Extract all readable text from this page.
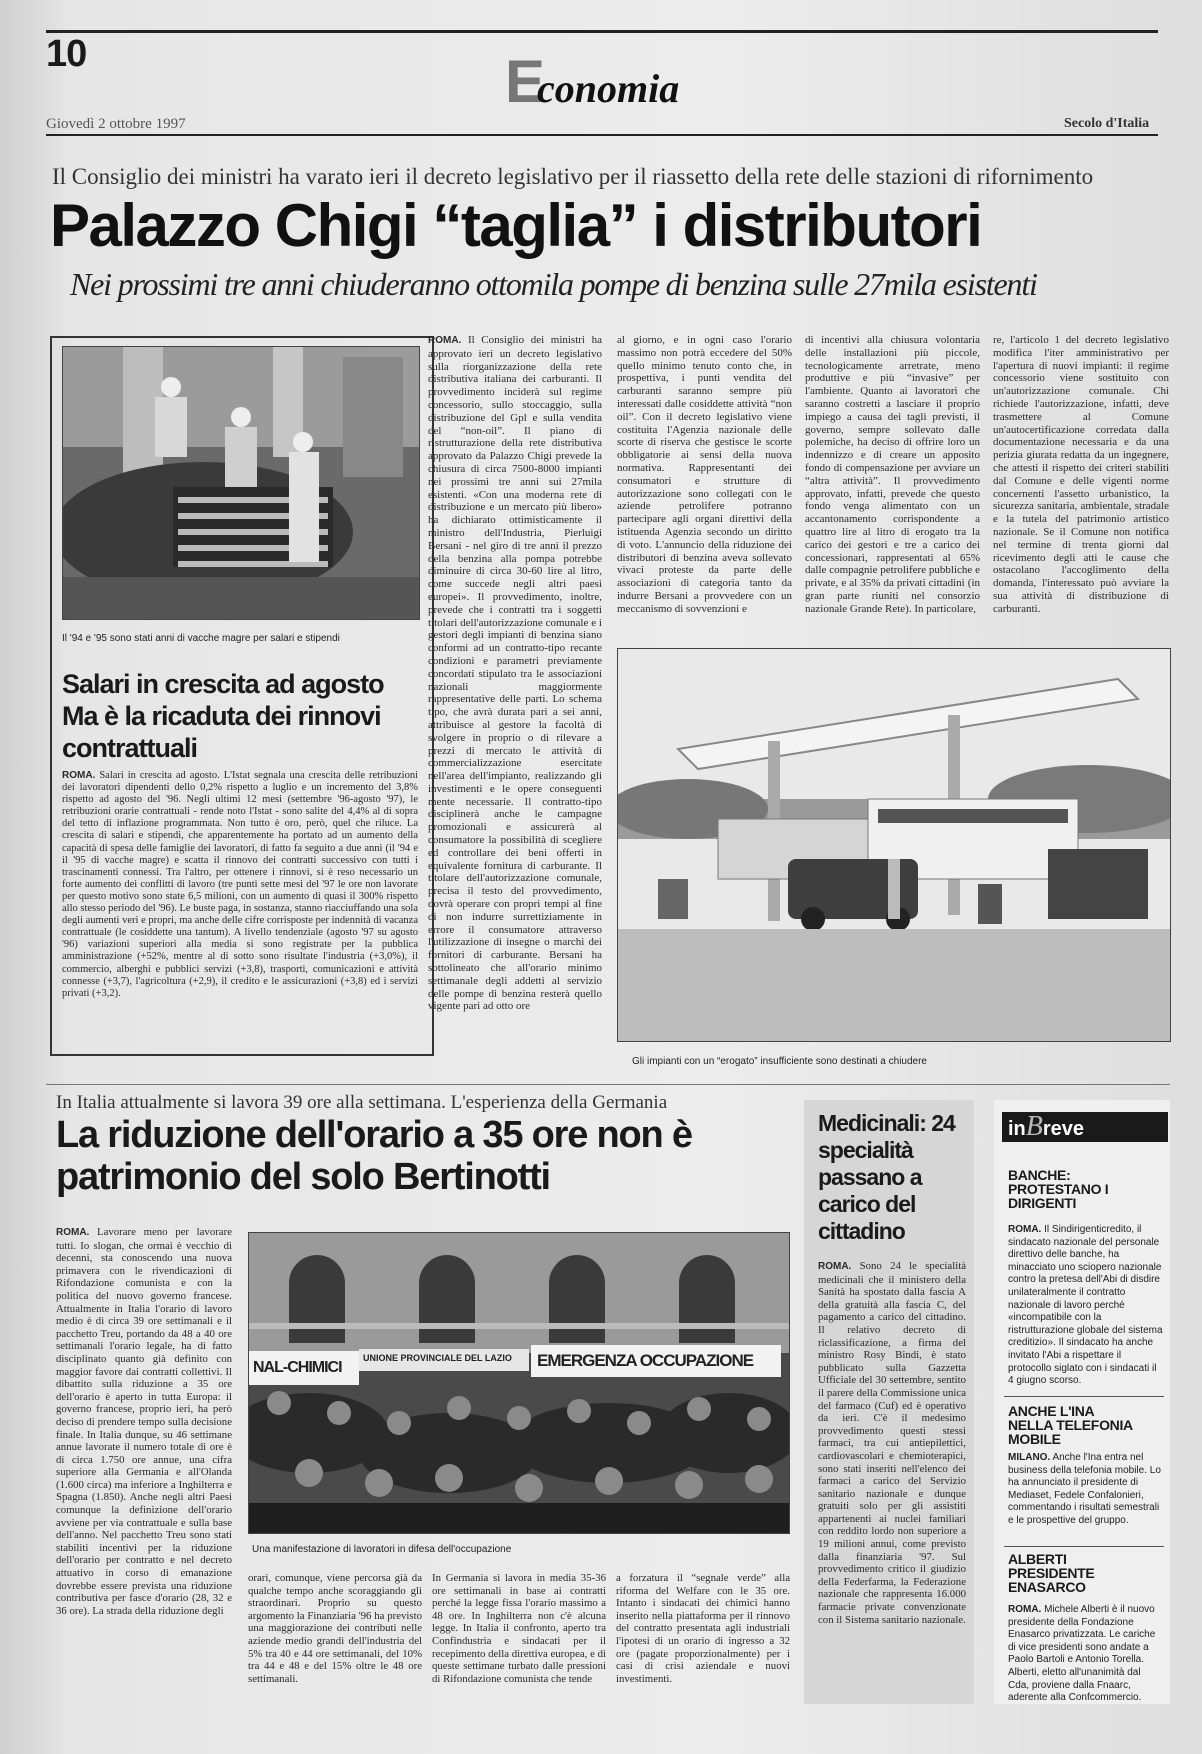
10	Economia
Giovedì 2 ottobre 1997	Secolo d'Italia
Il Consiglio dei ministri ha varato ieri il decreto legislativo per il riassetto della rete delle stazioni di rifornimento
Palazzo Chigi “taglia” i distributori
Nei prossimi tre anni chiuderanno ottomila pompe di benzina sulle 27mila esistenti
Il '94 e '95 sono stati anni di vacche magre per salari e stipendi
Salari in crescita ad agosto Ma è la ricaduta dei rinnovi contrattuali
ROMA. Salari in crescita ad agosto. L'Istat segnala una crescita delle retribuzioni dei lavoratori dipendenti dello 0,2% rispetto a luglio e un incremento del 3,8% rispetto ad agosto del '96. Negli ultimi 12 mesi (settembre '96-agosto '97), le retribuzioni orarie contrattuali - rende noto l'Istat - sono salite del 4,4% al di sopra del tetto di inflazione programmata. Non tutto è oro, però, quel che riluce. La crescita di salari e stipendi, che apparentemente ha portato ad un aumento della capacità di spesa delle famiglie dei lavoratori, di fatto fa seguito a due anni (il '94 e il '95 di vacche magre) e scatta il rinnovo dei contratti successivo con tutti i trascinamenti connessi. Tra l'altro, per ottenere i rinnovi, si è reso necessario un forte aumento dei conflitti di lavoro (tre punti sette mesi del '97 le ore non lavorate per questo motivo sono state 6,5 milioni, con un aumento di quasi il 300% rispetto allo stesso periodo del '96). Le buste paga, in sostanza, stanno riacciuffando una sola degli aumenti veri e propri, ma anche delle cifre corrisposte per indennità di vacanza contrattuale (le cosiddette una tantum). A livello tendenziale (agosto '97 su agosto '96) variazioni superiori alla media si sono registrate per la pubblica amministrazione (+52%, mentre al di sotto sono risultate l'industria (+3,0%), il commercio, alberghi e pubblici servizi (+3,8), trasporti, comunicazioni e attività connesse (+3,7), l'agricoltura (+2,9), il credito e le assicurazioni (+3,8) ed i servizi privati (+3,2).
ROMA. Il Consiglio dei ministri ha approvato ieri un decreto legislativo sulla riorganizzazione della rete distributiva italiana dei carburanti. Il provvedimento inciderà sul regime concessorio, sullo stoccaggio, sulla distribuzione del Gpl e sulla vendita del “non-oil”. Il piano di ristrutturazione della rete distributiva approvato da Palazzo Chigi prevede la chiusura di circa 7500-8000 impianti nei prossimi tre anni sui 27mila esistenti. «Con una moderna rete di distribuzione e un mercato più libero» ha dichiarato ottimisticamente il ministro dell'Industria, Pierluigi Bersani - nel giro di tre anni il prezzo della benzina alla pompa potrebbe diminuire di circa 30-60 lire al litro, come succede negli altri paesi europei». Il provvedimento, inoltre, prevede che i contratti tra i soggetti titolari dell'autorizzazione comunale e i gestori degli impianti di benzina siano conformi ad un contratto-tipo recante condizioni e parametri previamente concordati stipulato tra le associazioni nazionali maggiormente rappresentative delle parti. Lo schema tipo, che avrà durata pari a sei anni, attribuisce al gestore la facoltà di svolgere in proprio o di rilevare a prezzi di mercato le attività di commercializzazione esercitate nell'area dell'impianto, realizzando gli investimenti e le opere conseguenti mente necessarie. Il contratto-tipo disciplinerà anche le campagne promozionali e assicurerà al consumatore la possibilità di scegliere ed controllare dei beni offerti in equivalente fornitura di carburante. Il titolare dell'autorizzazione comunale, precisa il testo del provvedimento, dovrà operare con propri tempi al fine di non indurre surrettiziamente in errore il consumatore attraverso l'utilizzazione di insegne o marchi dei fornitori di carburante. Bersani ha sottolineato che all'orario minimo settimanale degli addetti al servizio delle pompe di benzina resterà quello vigente pari ad otto ore
al giorno, e in ogni caso l'orario massimo non potrà eccedere del 50% quello minimo tenuto conto che, in prospettiva, i punti vendita del carburanti saranno sempre più interessati dalle cosiddette attività “non oil”. Con il decreto legislativo viene costituita l'Agenzia nazionale delle scorte di riserva che gestisce le scorte obbligatorie ai sensi della nuova normativa. Rappresentanti dei consumatori e strutture di autorizzazione sono collegati con le aziende petrolifere potranno partecipare agli organi direttivi della istituenda Agenzia secondo un diritto di voto. L'annuncio della riduzione dei distributori di benzina aveva sollevato vivaci proteste da parte delle associazioni di categoria tanto da indurre Bersani a provvedere con un meccanismo di sovvenzioni e
di incentivi alla chiusura volontaria delle installazioni più piccole, tecnologicamente arretrate, meno produttive e più “invasive” per l'ambiente. Quanto ai lavoratori che saranno costretti a lasciare il proprio impiego a causa dei tagli previsti, il governo, sempre sollevato dalle polemiche, ha deciso di offrire loro un indennizzo e di creare un apposito fondo di compensazione per avviare un “altra attività”. Il provvedimento approvato, infatti, prevede che questo fondo venga alimentato con un accantonamento corrispondente a quattro lire al litro di erogato tra la carico dei gestori e tre a carico dei concessionari, rappresentati al 65% dalle compagnie petrolifere pubbliche e private, e al 35% da privati cittadini (in gran parte riuniti nel consorzio nazionale Grande Rete). In particolare,
re, l'articolo 1 del decreto legislativo modifica l'iter amministrativo per l'apertura di nuovi impianti: il regime concessorio viene sostituito con un'autorizzazione comunale. Chi richiede l'autorizzazione, infatti, deve trasmettere al Comune un'autocertificazione corredata dalla documentazione necessaria e da una perizia giurata redatta da un ingegnere, che attesti il rispetto dei criteri stabiliti dal Comune e delle vigenti norme concernenti l'assetto urbanistico, la sicurezza sanitaria, ambientale, stradale e la tutela del patrimonio artistico nazionale. Se il Comune non notifica nel termine di trenta giorni dal ricevimento degli atti le cause che ostacolano l'accoglimento della domanda, l'interessato può avviare la sua attività di distribuzione di carburanti.
Gli impianti con un “erogato” insufficiente sono destinati a chiudere
In Italia attualmente si lavora 39 ore alla settimana. L'esperienza della Germania
La riduzione dell'orario a 35 ore non è patrimonio del solo Bertinotti
ROMA. Lavorare meno per lavorare tutti. Io slogan, che ormai è vecchio di decenni, sta conoscendo una nuova primavera con le rivendicazioni di Rifondazione comunista e con la politica del nuovo governo francese. Attualmente in Italia l'orario di lavoro medio è di circa 39 ore settimanali e il pacchetto Treu, portando da 48 a 40 ore settimanali l'orario legale, ha di fatto disciplinato quanto già definito con maggior favore dai contratti collettivi. Il dibattito sulla riduzione a 35 ore dell'orario è aperto in tutta Europa: il governo francese, proprio ieri, ha però deciso di prendere tempo sulla decisione finale. In Italia dunque, su 46 settimane annue lavorate il numero totale di ore è di circa 1.750 ore annue, una cifra superiore alla Germania e all'Olanda (1.600 circa) ma inferiore a Inghilterra e Spagna (1.850). Anche negli altri Paesi comunque la definizione dell'orario avviene per via contrattuale e sulla base dell'anno. Nel pacchetto Treu sono stati stabiliti incentivi per la riduzione dell'orario per contratto e nel decreto attuativo in corso di emanazione dovrebbe essere prevista una riduzione contributiva per fasce d'orario (28, 32 e 36 ore). La strada della riduzione degli
NAL-CHIMICI
UNIONE PROVINCIALE DEL LAZIO EMERGENZA OCCUPAZIONE
Una manifestazione di lavoratori in difesa dell'occupazione
orari, comunque, viene percorsa già da qualche tempo anche scoraggiando gli straordinari. Proprio su questo argomento la Finanziaria '96 ha previsto una maggiorazione dei contributi nelle aziende medio grandi dell'industria del 5% tra 40 e 44 ore settimanali, del 10% tra 44 e 48 e del 15% oltre le 48 ore settimanali.
In Germania si lavora in media 35-36 ore settimanali in base ai contratti perché la legge fissa l'orario massimo a 48 ore. In Inghilterra non c'è alcuna legge. In Italia il confronto, aperto tra Confindustria e sindacati per il recepimento della direttiva europea, e di queste settimane turbato dalle pressioni di Rifondazione comunista che tende
a forzatura il “segnale verde” alla riforma del Welfare con le 35 ore. Intanto i sindacati dei chimici hanno inserito nella piattaforma per il rinnovo del contratto presentata agli industriali l'ipotesi di un orario di ingresso a 32 ore (pagate proporzionalmente) per i casi di crisi aziendale e nuovi investimenti.
Medicinali: 24 specialità passano a carico del cittadino
ROMA. Sono 24 le specialità medicinali che il ministero della Sanità ha spostato dalla fascia A della gratuità alla fascia C, del pagamento a carico del cittadino. Il relativo decreto di riclassificazione, a firma del ministro Rosy Bindi, è stato pubblicato sulla Gazzetta Ufficiale del 30 settembre, sentito il parere della Commissione unica del farmaco (Cuf) ed è operativo da ieri. C'è il medesimo provvedimento questi stessi farmaci, tra cui antiepilettici, cardiovascolari e chemioterapici, sono stati inseriti nell'elenco dei farmaci a carico del Servizio sanitario nazionale e dunque gratuiti solo per gli assistiti appartenenti ai nuclei familiari con reddito lordo non superiore a 19 milioni annui, come previsto dalla finanziaria '97. Sul provvedimento critico il giudizio della Federfarma, la Federazione nazionale che rappresenta 16.000 farmacie private convenzionate con il Sistema sanitario nazionale.
inBreve
BANCHE: PROTESTANO I DIRIGENTI
ROMA. Il Sindirigenticredito, il sindacato nazionale del personale direttivo delle banche, ha minacciato uno sciopero nazionale contro la pretesa dell'Abi di disdire unilateralmente il contratto nazionale di lavoro perché «incompatibile con la ristrutturazione globale del sistema creditizio». Il sindacato ha anche invitato l'Abi a rispettare il protocollo siglato con i sindacati il 4 giugno scorso.
ANCHE L'INA NELLA TELEFONIA MOBILE
MILANO. Anche l'Ina entra nel business della telefonia mobile. Lo ha annunciato il presidente di Mediaset, Fedele Confalonieri, commentando i risultati semestrali e le prospettive del gruppo.
ALBERTI PRESIDENTE ENASARCO
ROMA. Michele Alberti è il nuovo presidente della Fondazione Enasarco privatizzata. Le cariche di vice presidenti sono andate a Paolo Bartoli e Antonio Torella. Alberti, eletto all'unanimità dal Cda, proviene dalla Fnaarc, aderente alla Confcommercio.
